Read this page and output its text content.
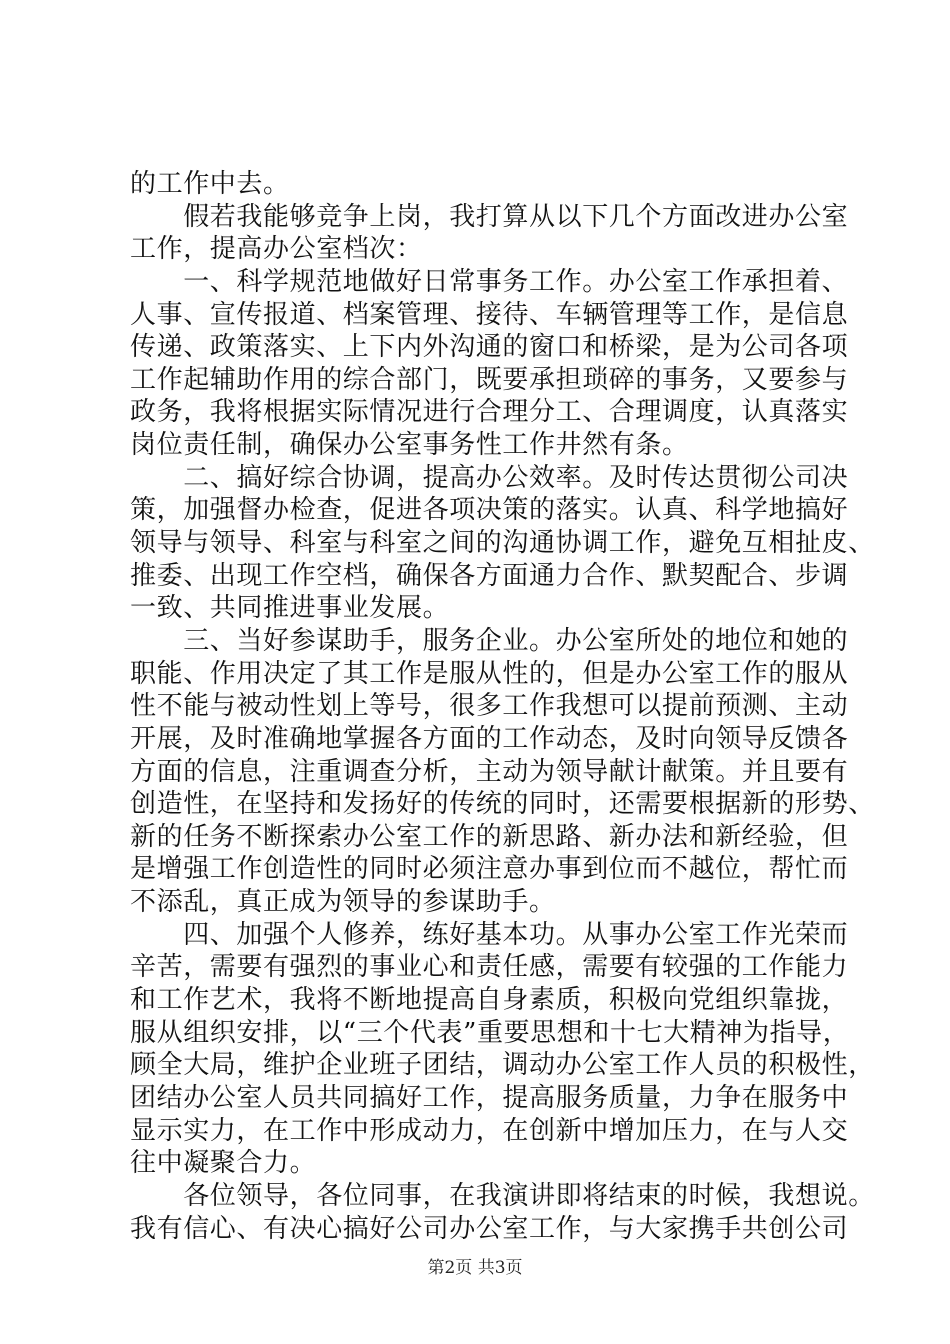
的工作中去。
　　假若我能够竞争上岗，我打算从以下几个方面改进办公室
工作，提高办公室档次：
　　一、科学规范地做好日常事务工作。办公室工作承担着、
人事、宣传报道、档案管理、接待、车辆管理等工作，是信息
传递、政策落实、上下内外沟通的窗口和桥梁，是为公司各项
工作起辅助作用的综合部门，既要承担琐碎的事务，又要参与
政务，我将根据实际情况进行合理分工、合理调度，认真落实
岗位责任制，确保办公室事务性工作井然有条。
　　二、搞好综合协调，提高办公效率。及时传达贯彻公司决
策，加强督办检查，促进各项决策的落实。认真、科学地搞好
领导与领导、科室与科室之间的沟通协调工作，避免互相扯皮、
推委、出现工作空档，确保各方面通力合作、默契配合、步调
一致、共同推进事业发展。
　　三、当好参谋助手，服务企业。办公室所处的地位和她的
职能、作用决定了其工作是服从性的，但是办公室工作的服从
性不能与被动性划上等号，很多工作我想可以提前预测、主动
开展，及时准确地掌握各方面的工作动态，及时向领导反馈各
方面的信息，注重调查分析，主动为领导献计献策。并且要有
创造性，在坚持和发扬好的传统的同时，还需要根据新的形势、
新的任务不断探索办公室工作的新思路、新办法和新经验，但
是增强工作创造性的同时必须注意办事到位而不越位，帮忙而
不添乱，真正成为领导的参谋助手。
　　四、加强个人修养，练好基本功。从事办公室工作光荣而
辛苦，需要有强烈的事业心和责任感，需要有较强的工作能力
和工作艺术，我将不断地提高自身素质，积极向党组织靠拢，
服从组织安排，以“三个代表”重要思想和十七大精神为指导，
顾全大局，维护企业班子团结，调动办公室工作人员的积极性，
团结办公室人员共同搞好工作，提高服务质量，力争在服务中
显示实力，在工作中形成动力，在创新中增加压力，在与人交
往中凝聚合力。
　　各位领导，各位同事，在我演讲即将结束的时候，我想说。
我有信心、有决心搞好公司办公室工作，与大家携手共创公司
第2页 共3页
